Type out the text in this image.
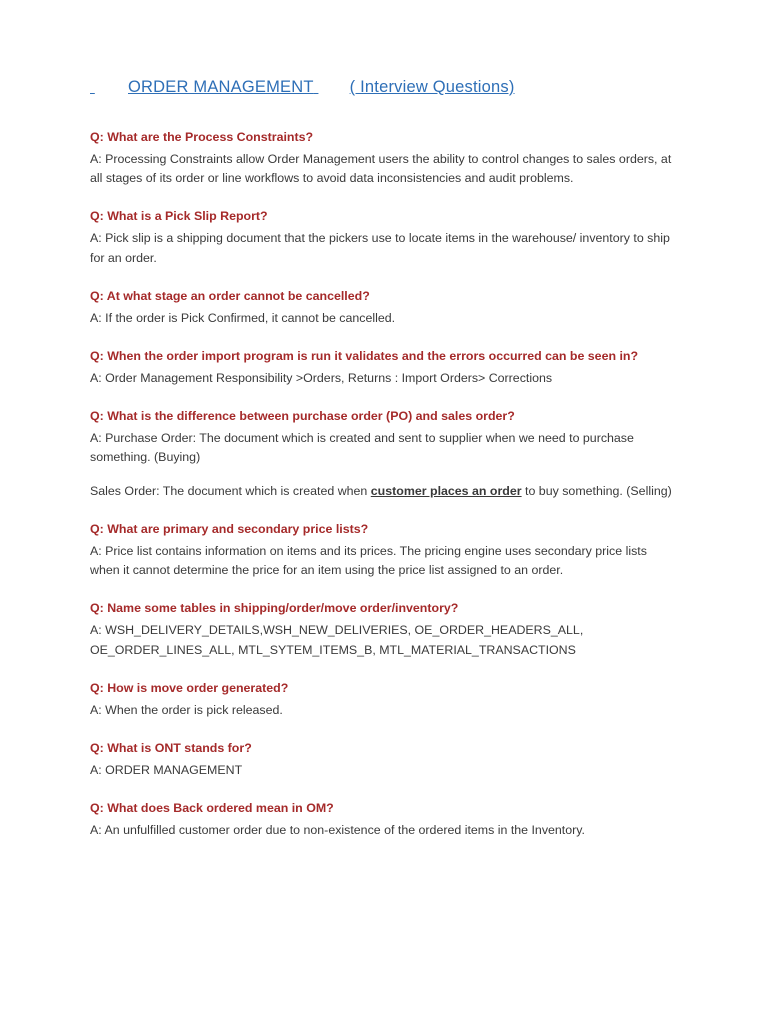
ORDER MANAGEMENT ( Interview Questions)

Q: What are the Process Constraints?

A: Processing Constraints allow Order Management users the ability to control changes to sales orders, at all stages of its order or line workflows to avoid data inconsistencies and audit problems.

Q: What is a Pick Slip Report?

A: Pick slip is a shipping document that the pickers use to locate items in the warehouse/ inventory to ship for an order.

Q: At what stage an order cannot be cancelled?

A: If the order is Pick Confirmed, it cannot be cancelled.

Q: When the order import program is run it validates and the errors occurred can be seen in?

A: Order Management Responsibility >Orders, Returns : Import Orders> Corrections

Q: What is the difference between purchase order (PO) and sales order?

A: Purchase Order: The document which is created and sent to supplier when we need to purchase something. (Buying)

Sales Order: The document which is created when customer places an order to buy something. (Selling)

Q: What are primary and secondary price lists?

A: Price list contains information on items and its prices. The pricing engine uses secondary price lists when it cannot determine the price for an item using the price list assigned to an order.

Q: Name some tables in shipping/order/move order/inventory?

A: WSH_DELIVERY_DETAILS,WSH_NEW_DELIVERIES, OE_ORDER_HEADERS_ALL, OE_ORDER_LINES_ALL, MTL_SYTEM_ITEMS_B, MTL_MATERIAL_TRANSACTIONS

Q: How is move order generated?

A: When the order is pick released.

Q: What is ONT stands for?

A: ORDER MANAGEMENT

Q: What does Back ordered mean in OM?

A: An unfulfilled customer order due to non-existence of the ordered items in the Inventory.
